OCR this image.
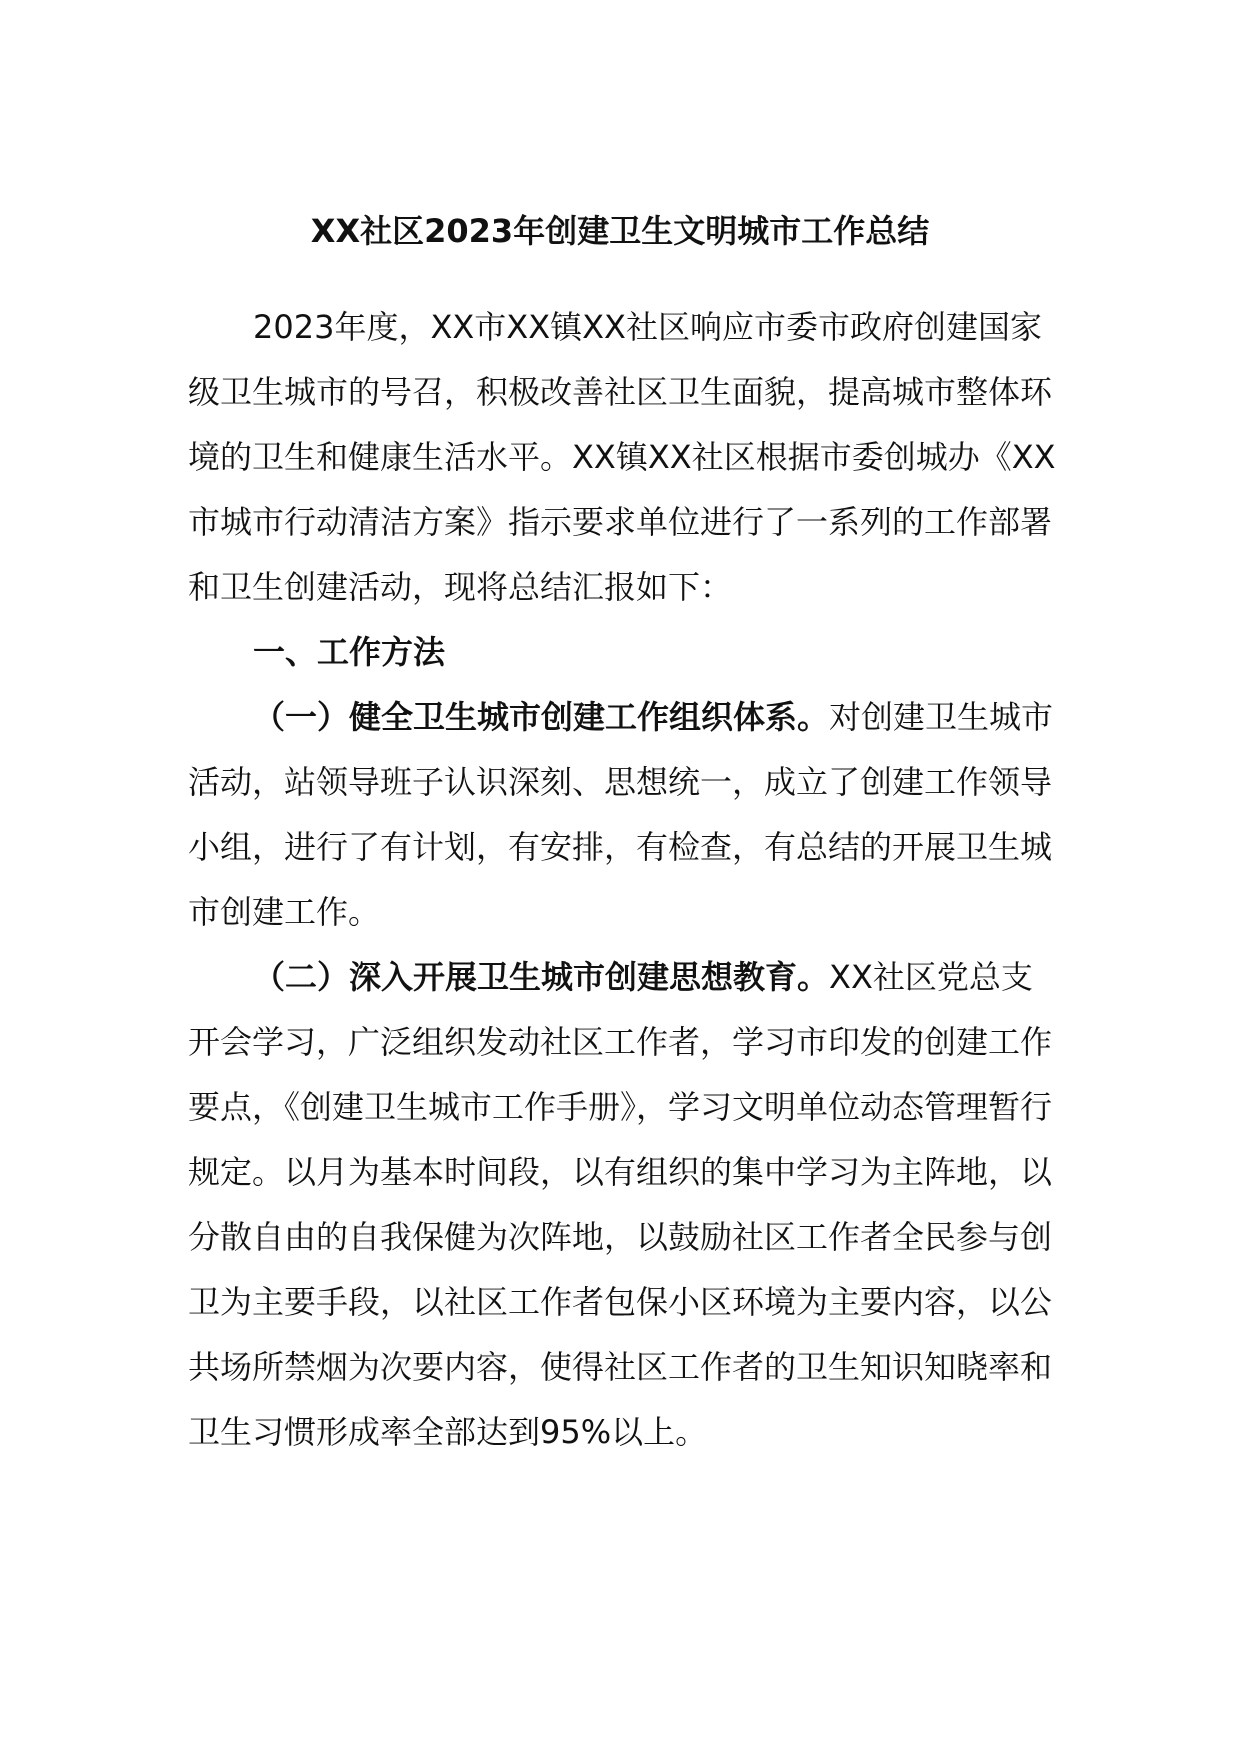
XX社区2023年创建卫生文明城市工作总结

2023年度，XX市XX镇XX社区响应市委市政府创建国家级卫生城市的号召，积极改善社区卫生面貌，提高城市整体环境的卫生和健康生活水平。XX镇XX社区根据市委创城办《XX市城市行动清洁方案》指示要求单位进行了一系列的工作部署和卫生创建活动，现将总结汇报如下：

一、工作方法

（一）健全卫生城市创建工作组织体系。对创建卫生城市活动，站领导班子认识深刻、思想统一，成立了创建工作领导小组，进行了有计划，有安排，有检查，有总结的开展卫生城市创建工作。

（二）深入开展卫生城市创建思想教育。XX社区党总支开会学习，广泛组织发动社区工作者，学习市印发的创建工作要点，《创建卫生城市工作手册》，学习文明单位动态管理暂行规定。以月为基本时间段，以有组织的集中学习为主阵地，以分散自由的自我保健为次阵地，以鼓励社区工作者全民参与创卫为主要手段，以社区工作者包保小区环境为主要内容，以公共场所禁烟为次要内容，使得社区工作者的卫生知识知晓率和卫生习惯形成率全部达到95%以上。
